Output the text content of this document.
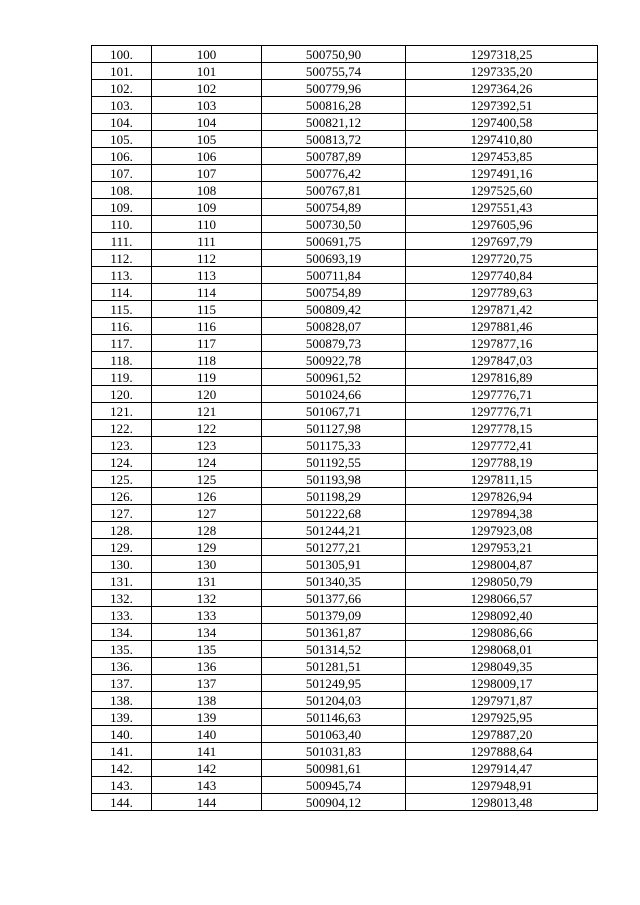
100.	100	500750,90	1297318,25
101.	101	500755,74	1297335,20
102.	102	500779,96	1297364,26
103.	103	500816,28	1297392,51
104.	104	500821,12	1297400,58
105.	105	500813,72	1297410,80
106.	106	500787,89	1297453,85
107.	107	500776,42	1297491,16
108.	108	500767,81	1297525,60
109.	109	500754,89	1297551,43
110.	110	500730,50	1297605,96
111.	111	500691,75	1297697,79
112.	112	500693,19	1297720,75
113.	113	500711,84	1297740,84
114.	114	500754,89	1297789,63
115.	115	500809,42	1297871,42
116.	116	500828,07	1297881,46
117.	117	500879,73	1297877,16
118.	118	500922,78	1297847,03
119.	119	500961,52	1297816,89
120.	120	501024,66	1297776,71
121.	121	501067,71	1297776,71
122.	122	501127,98	1297778,15
123.	123	501175,33	1297772,41
124.	124	501192,55	1297788,19
125.	125	501193,98	1297811,15
126.	126	501198,29	1297826,94
127.	127	501222,68	1297894,38
128.	128	501244,21	1297923,08
129.	129	501277,21	1297953,21
130.	130	501305,91	1298004,87
131.	131	501340,35	1298050,79
132.	132	501377,66	1298066,57
133.	133	501379,09	1298092,40
134.	134	501361,87	1298086,66
135.	135	501314,52	1298068,01
136.	136	501281,51	1298049,35
137.	137	501249,95	1298009,17
138.	138	501204,03	1297971,87
139.	139	501146,63	1297925,95
140.	140	501063,40	1297887,20
141.	141	501031,83	1297888,64
142.	142	500981,61	1297914,47
143.	143	500945,74	1297948,91
144.	144	500904,12	1298013,48
